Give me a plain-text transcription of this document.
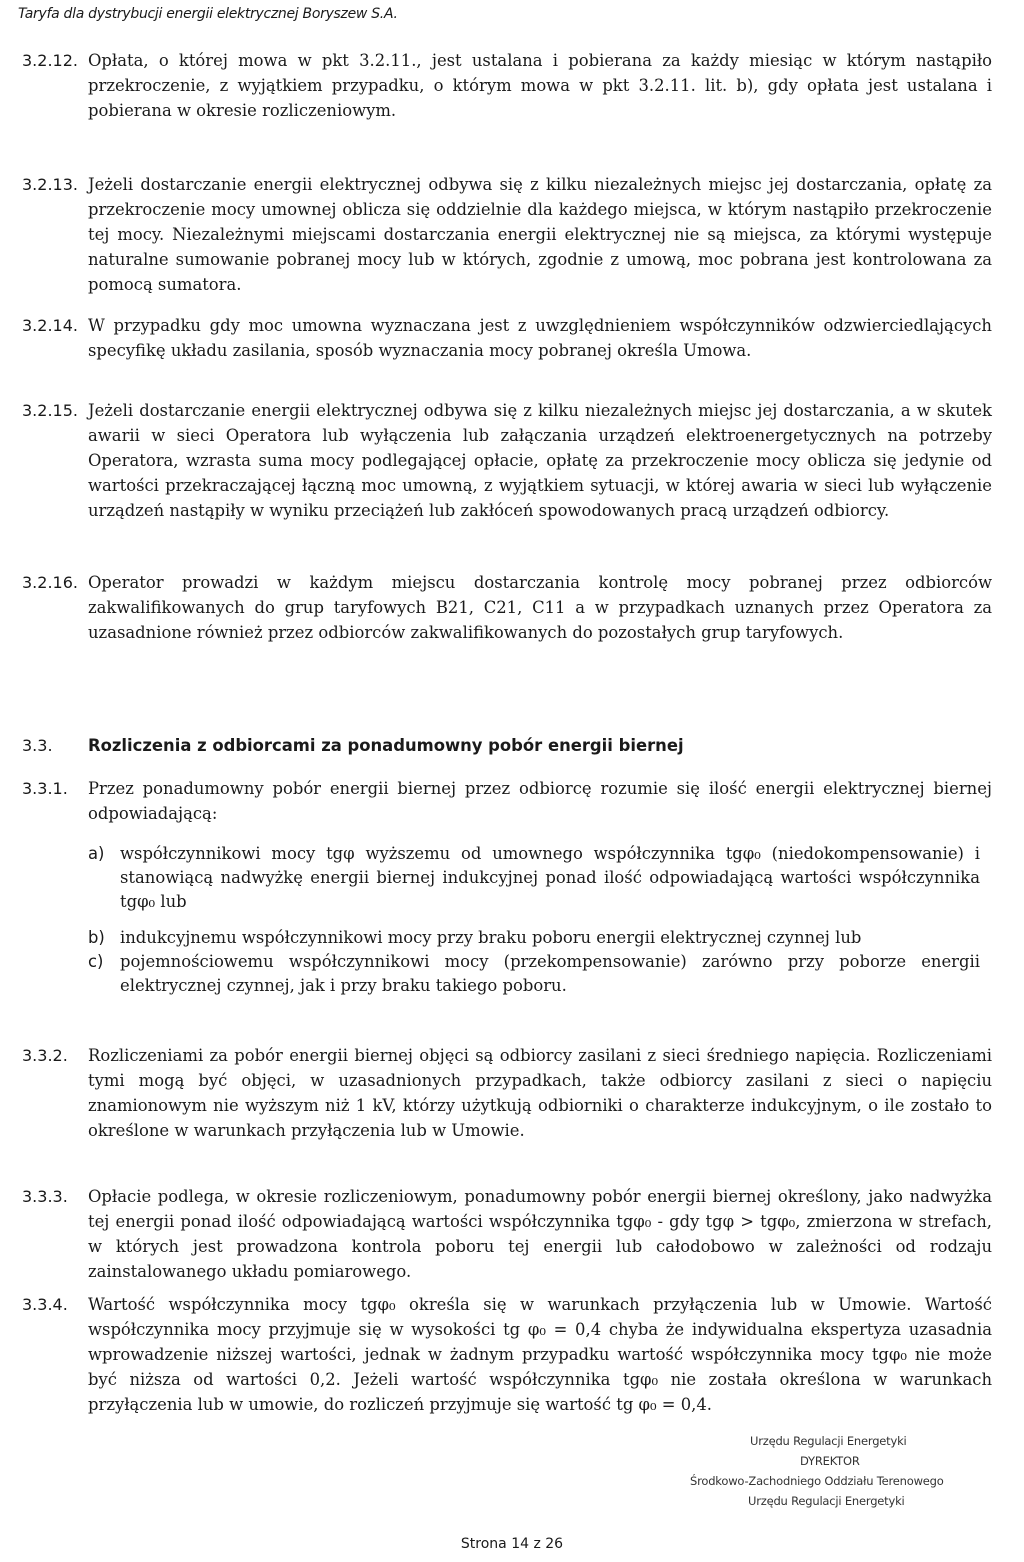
Taryfa dla dystrybucji energii elektrycznej Boryszew S.A.
3.2.12. Opłata, o której mowa w pkt 3.2.11., jest ustalana i pobierana za każdy miesiąc w którym nastąpiło przekroczenie, z wyjątkiem przypadku, o którym mowa w pkt 3.2.11. lit. b), gdy opłata jest ustalana i pobierana w okresie rozliczeniowym.
3.2.13. Jeżeli dostarczanie energii elektrycznej odbywa się z kilku niezależnych miejsc jej dostarczania, opłatę za przekroczenie mocy umownej oblicza się oddzielnie dla każdego miejsca, w którym nastąpiło przekroczenie tej mocy. Niezależnymi miejscami dostarczania energii elektrycznej nie są miejsca, za którymi występuje naturalne sumowanie pobranej mocy lub w których, zgodnie z umową, moc pobrana jest kontrolowana za pomocą sumatora.
3.2.14. W przypadku gdy moc umowna wyznaczana jest z uwzględnieniem współczynników odzwierciedlających specyfikę układu zasilania, sposób wyznaczania mocy pobranej określa Umowa.
3.2.15. Jeżeli dostarczanie energii elektrycznej odbywa się z kilku niezależnych miejsc jej dostarczania, a w skutek awarii w sieci Operatora lub wyłączenia lub załączania urządzeń elektroenergetycznych na potrzeby Operatora, wzrasta suma mocy podlegającej opłacie, opłatę za przekroczenie mocy oblicza się jedynie od wartości przekraczającej łączną moc umowną, z wyjątkiem sytuacji, w której awaria w sieci lub wyłączenie urządzeń nastąpiły w wyniku przeciążeń lub zakłóceń spowodowanych pracą urządzeń odbiorcy.
3.2.16. Operator prowadzi w każdym miejscu dostarczania kontrolę mocy pobranej przez odbiorców zakwalifikowanych do grup taryfowych B21, C21, C11 a w przypadkach uznanych przez Operatora za uzasadnione również przez odbiorców zakwalifikowanych do pozostałych grup taryfowych.
3.3.	Rozliczenia z odbiorcami za ponadumowny pobór energii biernej
3.3.1.	Przez ponadumowny pobór energii biernej przez odbiorcę rozumie się ilość energii elektrycznej biernej odpowiadającą:
a) współczynnikowi mocy tgφ wyższemu od umownego współczynnika tgφ₀ (niedokompensowanie) i stanowiącą nadwyżkę energii biernej indukcyjnej ponad ilość odpowiadającą wartości współczynnika tgφ₀ lub
b) indukcyjnemu współczynnikowi mocy przy braku poboru energii elektrycznej czynnej lub
c)	pojemnościowemu współczynnikowi mocy (przekompensowanie) zarówno przy poborze energii elektrycznej czynnej, jak i przy braku takiego poboru.
3.3.2.	Rozliczeniami za pobór energii biernej objęci są odbiorcy zasilani z sieci średniego napięcia. Rozliczeniami tymi mogą być objęci, w uzasadnionych przypadkach, także odbiorcy zasilani z sieci o napięciu znamionowym nie wyższym niż 1 kV, którzy użytkują odbiorniki o charakterze indukcyjnym, o ile zostało to określone w warunkach przyłączenia lub w Umowie.
3.3.3.	Opłacie podlega, w okresie rozliczeniowym, ponadumowny pobór energii biernej określony, jako nadwyżka tej energii ponad ilość odpowiadającą wartości współczynnika tgφ₀ - gdy tgφ > tgφ₀, zmierzona w strefach, w których jest prowadzona kontrola poboru tej energii lub całodobowo w zależności od rodzaju zainstalowanego układu pomiarowego.
3.3.4.	Wartość współczynnika mocy tgφ₀ określa się w warunkach przyłączenia lub w Umowie. Wartość współczynnika mocy przyjmuje się w wysokości tg φ₀ = 0,4 chyba że indywidualna ekspertyza uzasadnia wprowadzenie niższej wartości, jednak w żadnym przypadku wartość współczynnika mocy tgφ₀ nie może być niższa od wartości 0,2. Jeżeli wartość współczynnika tgφ₀ nie została określona w warunkach przyłączenia lub w umowie, do rozliczeń przyjmuje się wartość tg φ₀ = 0,4.
Urzędu Regulacji Energetyki
DYREKTOR
Środkowo-Zachodniego Oddziału Terenowego
Urzędu Regulacji Energetyki
Strona 14 z 26
